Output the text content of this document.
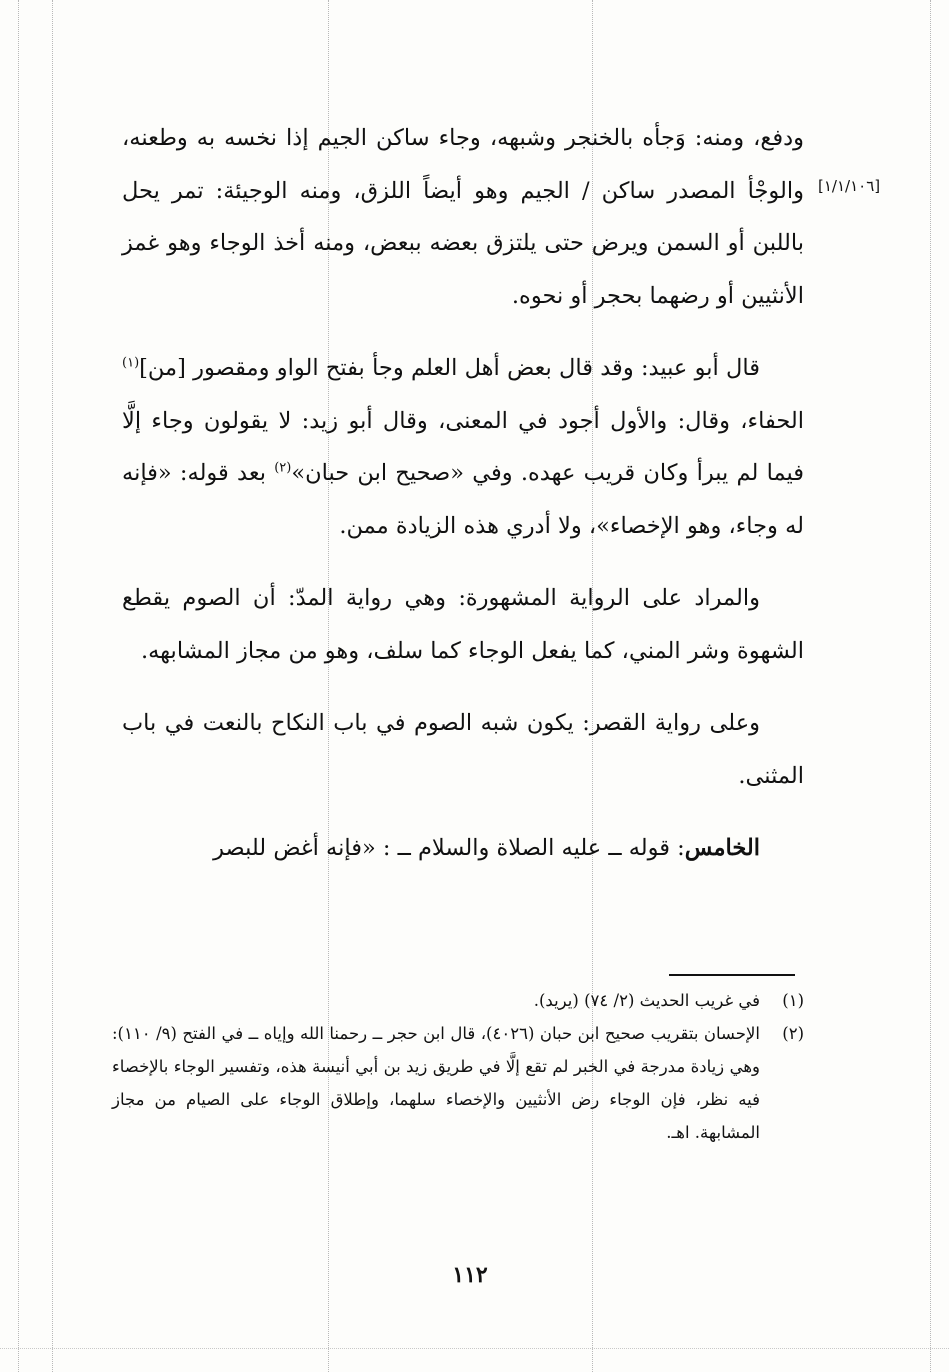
[١/١/١٠٦]

ودفع، ومنه: وَجأه بالخنجر وشبهه، وجاء ساكن الجيم إذا نخسه به وطعنه، والوجْأ المصدر ساكن / الجيم وهو أيضاً اللزق، ومنه الوجيئة: تمر يحل باللبن أو السمن ويرض حتى يلتزق بعضه ببعض، ومنه أخذ الوجاء وهو غمز الأنثيين أو رضهما بحجر أو نحوه.

قال أبو عبيد: وقد قال بعض أهل العلم وجأ بفتح الواو ومقصور [من]$^{(١)}$ الحفاء، وقال: والأول أجود في المعنى، وقال أبو زيد: لا يقولون وجاء إلَّا فيما لم يبرأ وكان قريب عهده. وفي «صحيح ابن حبان»$^{(٢)}$ بعد قوله: «فإنه له وجاء، وهو الإخصاء»، ولا أدري هذه الزيادة ممن.

والمراد على الرواية المشهورة: وهي رواية المدّ: أن الصوم يقطع الشهوة وشر المني، كما يفعل الوجاء كما سلف، وهو من مجاز المشابهه.

وعلى رواية القصر: يكون شبه الصوم في باب النكاح بالنعت في باب المثنى.

الخامس: قوله ــ عليه الصلاة والسلام ــ : «فإنه أغض للبصر

(١)
في غريب الحديث (٢/ ٧٤) (يريد).
(٢)
الإحسان بتقريب صحيح ابن حبان (٤٠٢٦)، قال ابن حجر ــ رحمنا الله وإياه ــ في الفتح (٩/ ١١٠): وهي زيادة مدرجة في الخبر لم تقع إلَّا في طريق زيد بن أبي أنيسة هذه، وتفسير الوجاء بالإخصاء فيه نظر، فإن الوجاء رض الأنثيين والإخصاء سلهما، وإطلاق الوجاء على الصيام من مجاز المشابهة. اهـ.
١١٢
